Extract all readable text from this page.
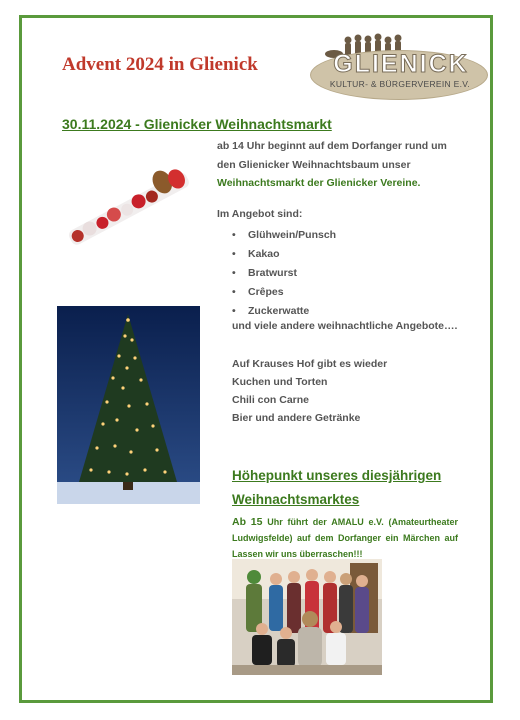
Advent 2024 in Glienick	GLIENICK

KULTUR- & BÜRGERVEREIN E.V.

30.11.2024 - Glienicker Weihnachtsmarkt

ab 14 Uhr beginnt auf dem Dorfanger rund um

den Glienicker Weihnachtsbaum unser

Weihnachtsmarkt der Glienicker Vereine.

Im Angebot sind:

• Glühwein/Punsch
• Kakao
• Bratwurst
• Crêpes
• Zuckerwatte

und viele andere weihnachtliche Angebote….

Auf Krauses Hof gibt es wieder

Kuchen und Torten

Chili con Carne

Bier und andere Getränke

Höhepunkt unseres diesjährigen
Weihnachtsmarktes

Ab 15 Uhr führt der AMALU e.V. (Amateurtheater Ludwigsfelde) auf dem Dorfanger ein Märchen auf Lassen wir uns überraschen!!!
